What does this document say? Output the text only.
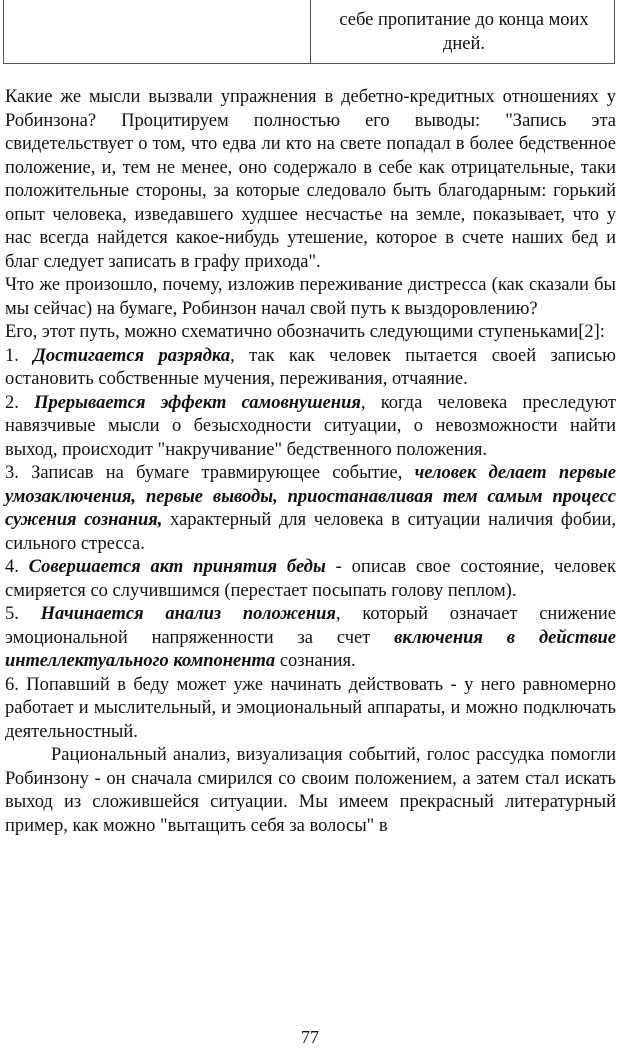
себе пропитание до конца моих дней.

Какие же мысли вызвали упражнения в дебетно-кредитных отношениях у Робинзона? Процитируем полностью его выводы: "Запись эта свидетельствует о том, что едва ли кто на свете попадал в более бедственное положение, и, тем не менее, оно содержало в себе как отрицательные, таки положительные стороны, за которые следовало быть благодарным: горький опыт человека, изведавшего худшее несчастье на земле, показывает, что у нас всегда найдется какое-нибудь утешение, которое в счете наших бед и благ следует записать в графу прихода".

Что же произошло, почему, изложив переживание дистресса (как сказали бы мы сейчас) на бумаге, Робинзон начал свой путь к выздоровлению?

Его, этот путь, можно схематично обозначить следующими ступеньками[2]:

1. Достигается разрядка, так как человек пытается своей записью остановить собственные мучения, переживания, отчаяние.

2. Прерывается эффект самовнушения, когда человека преследуют навязчивые мысли о безысходности ситуации, о невозможности найти выход, происходит "накручивание" бедственного положения.

3. Записав на бумаге травмирующее событие, человек делает первые умозаключения, первые выводы, приостанавливая тем самым процесс сужения сознания, характерный для человека в ситуации наличия фобии, сильного стресса.

4. Совершается акт принятия беды - описав свое состояние, человек смиряется со случившимся (перестает посыпать голову пеплом).

5. Начинается анализ положения, который означает снижение эмоциональной напряженности за счет включения в действие интеллектуального компонента сознания.

6. Попавший в беду может уже начинать действовать - у него равномерно работает и мыслительный, и эмоциональный аппараты, и можно подключать деятельностный.

Рациональный анализ, визуализация событий, голос рассудка помогли Робинзону - он сначала смирился со своим положением, а затем стал искать выход из сложившейся ситуации. Мы имеем прекрасный литературный пример, как можно "вытащить себя за волосы" в

77
